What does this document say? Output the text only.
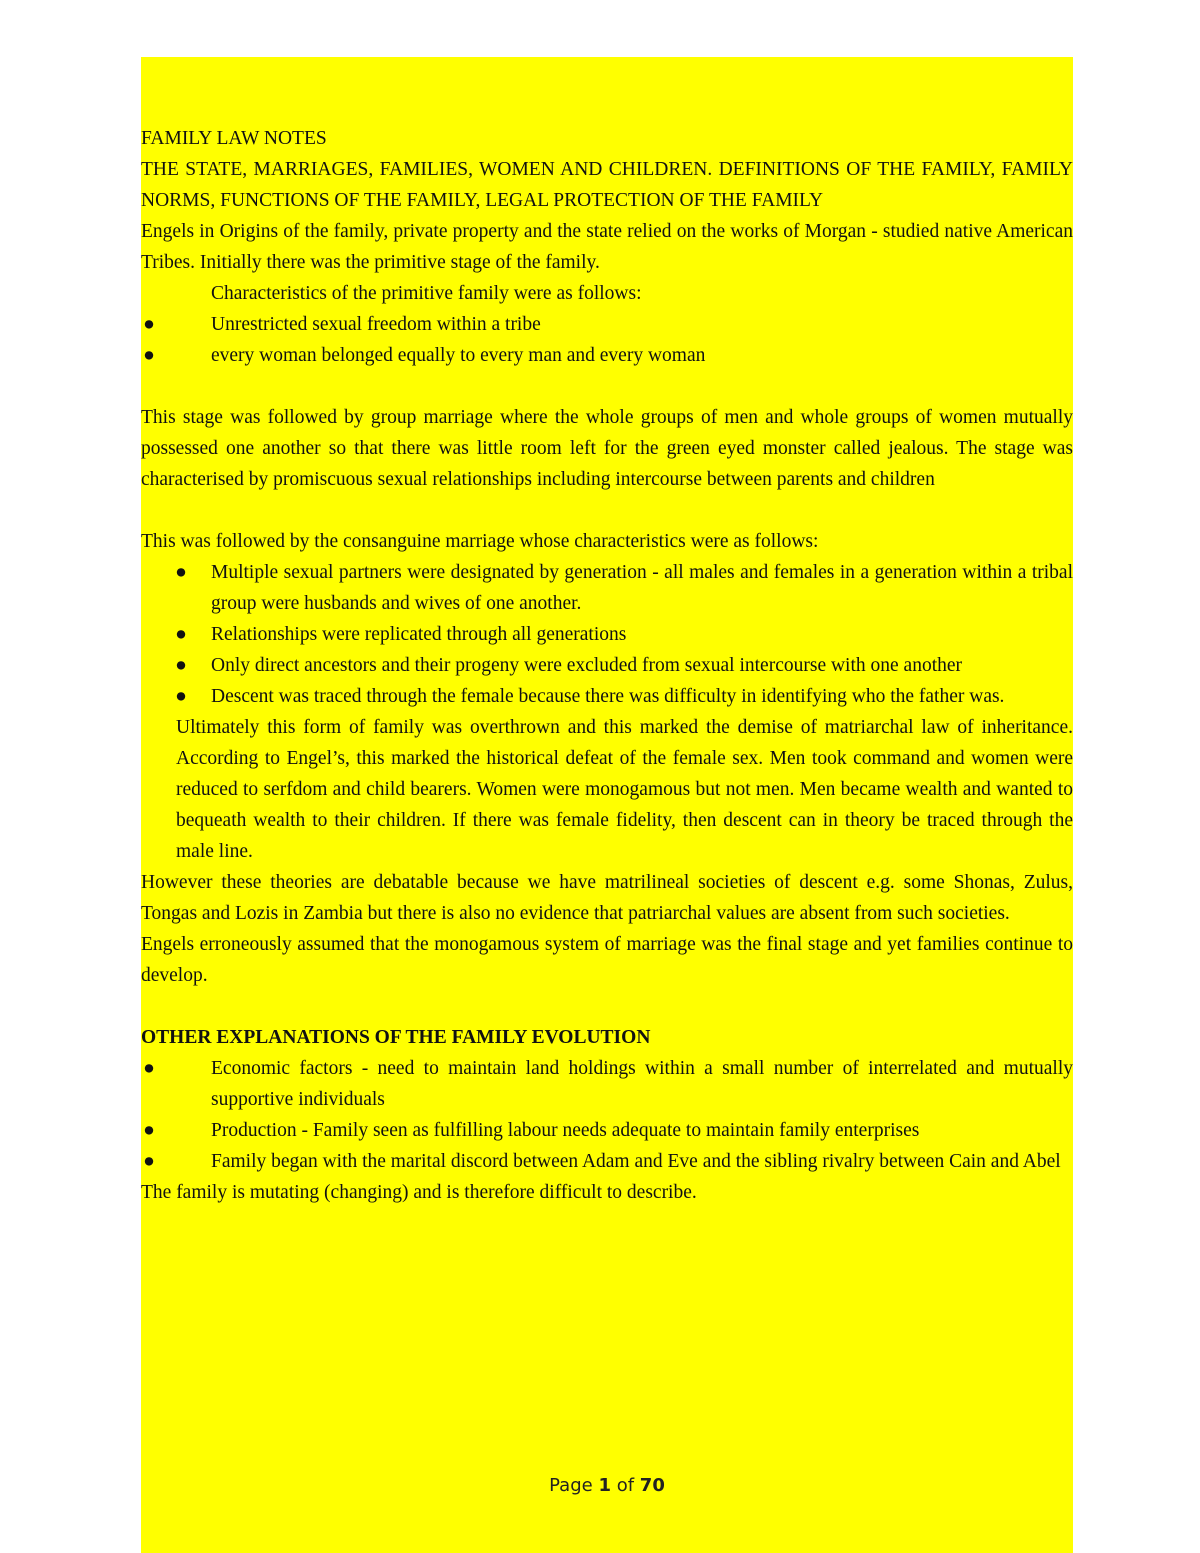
FAMILY LAW NOTES

THE STATE, MARRIAGES, FAMILIES, WOMEN AND CHILDREN. DEFINITIONS OF THE FAMILY, FAMILY NORMS, FUNCTIONS OF THE FAMILY, LEGAL PROTECTION OF THE FAMILY

Engels in Origins of the family, private property and the state relied on the works of Morgan - studied native American Tribes. Initially there was the primitive stage of the family.

Characteristics of the primitive family were as follows:

●	Unrestricted sexual freedom within a tribe
●	every woman belonged equally to every man and every woman

This stage was followed by group marriage where the whole groups of men and whole groups of women mutually possessed one another so that there was little room left for the green eyed monster called jealous. The stage was characterised by promiscuous sexual relationships including intercourse between parents and children

This was followed by the consanguine marriage whose characteristics were as follows:

● Multiple sexual partners were designated by generation - all males and females in a generation within a tribal group were husbands and wives of one another.
● Relationships were replicated through all generations
● Only direct ancestors and their progeny were excluded from sexual intercourse with one another
● Descent was traced through the female because there was difficulty in identifying who the father was.

Ultimately this form of family was overthrown and this marked the demise of matriarchal law of inheritance. According to Engel’s, this marked the historical defeat of the female sex. Men took command and women were reduced to serfdom and child bearers. Women were monogamous but not men. Men became wealth and wanted to bequeath wealth to their children. If there was female fidelity, then descent can in theory be traced through the male line.

However these theories are debatable because we have matrilineal societies of descent e.g. some Shonas, Zulus, Tongas and Lozis in Zambia but there is also no evidence that patriarchal values are absent from such societies.

Engels erroneously assumed that the monogamous system of marriage was the final stage and yet families continue to develop.

OTHER EXPLANATIONS OF THE FAMILY EVOLUTION

●	Economic factors - need to maintain land holdings within a small number of interrelated and mutually supportive individuals
●	Production - Family seen as fulfilling labour needs adequate to maintain family enterprises
●	Family began with the marital discord between Adam and Eve and the sibling rivalry between Cain and Abel

The family is mutating (changing) and is therefore difficult to describe.

Page 1 of 70
